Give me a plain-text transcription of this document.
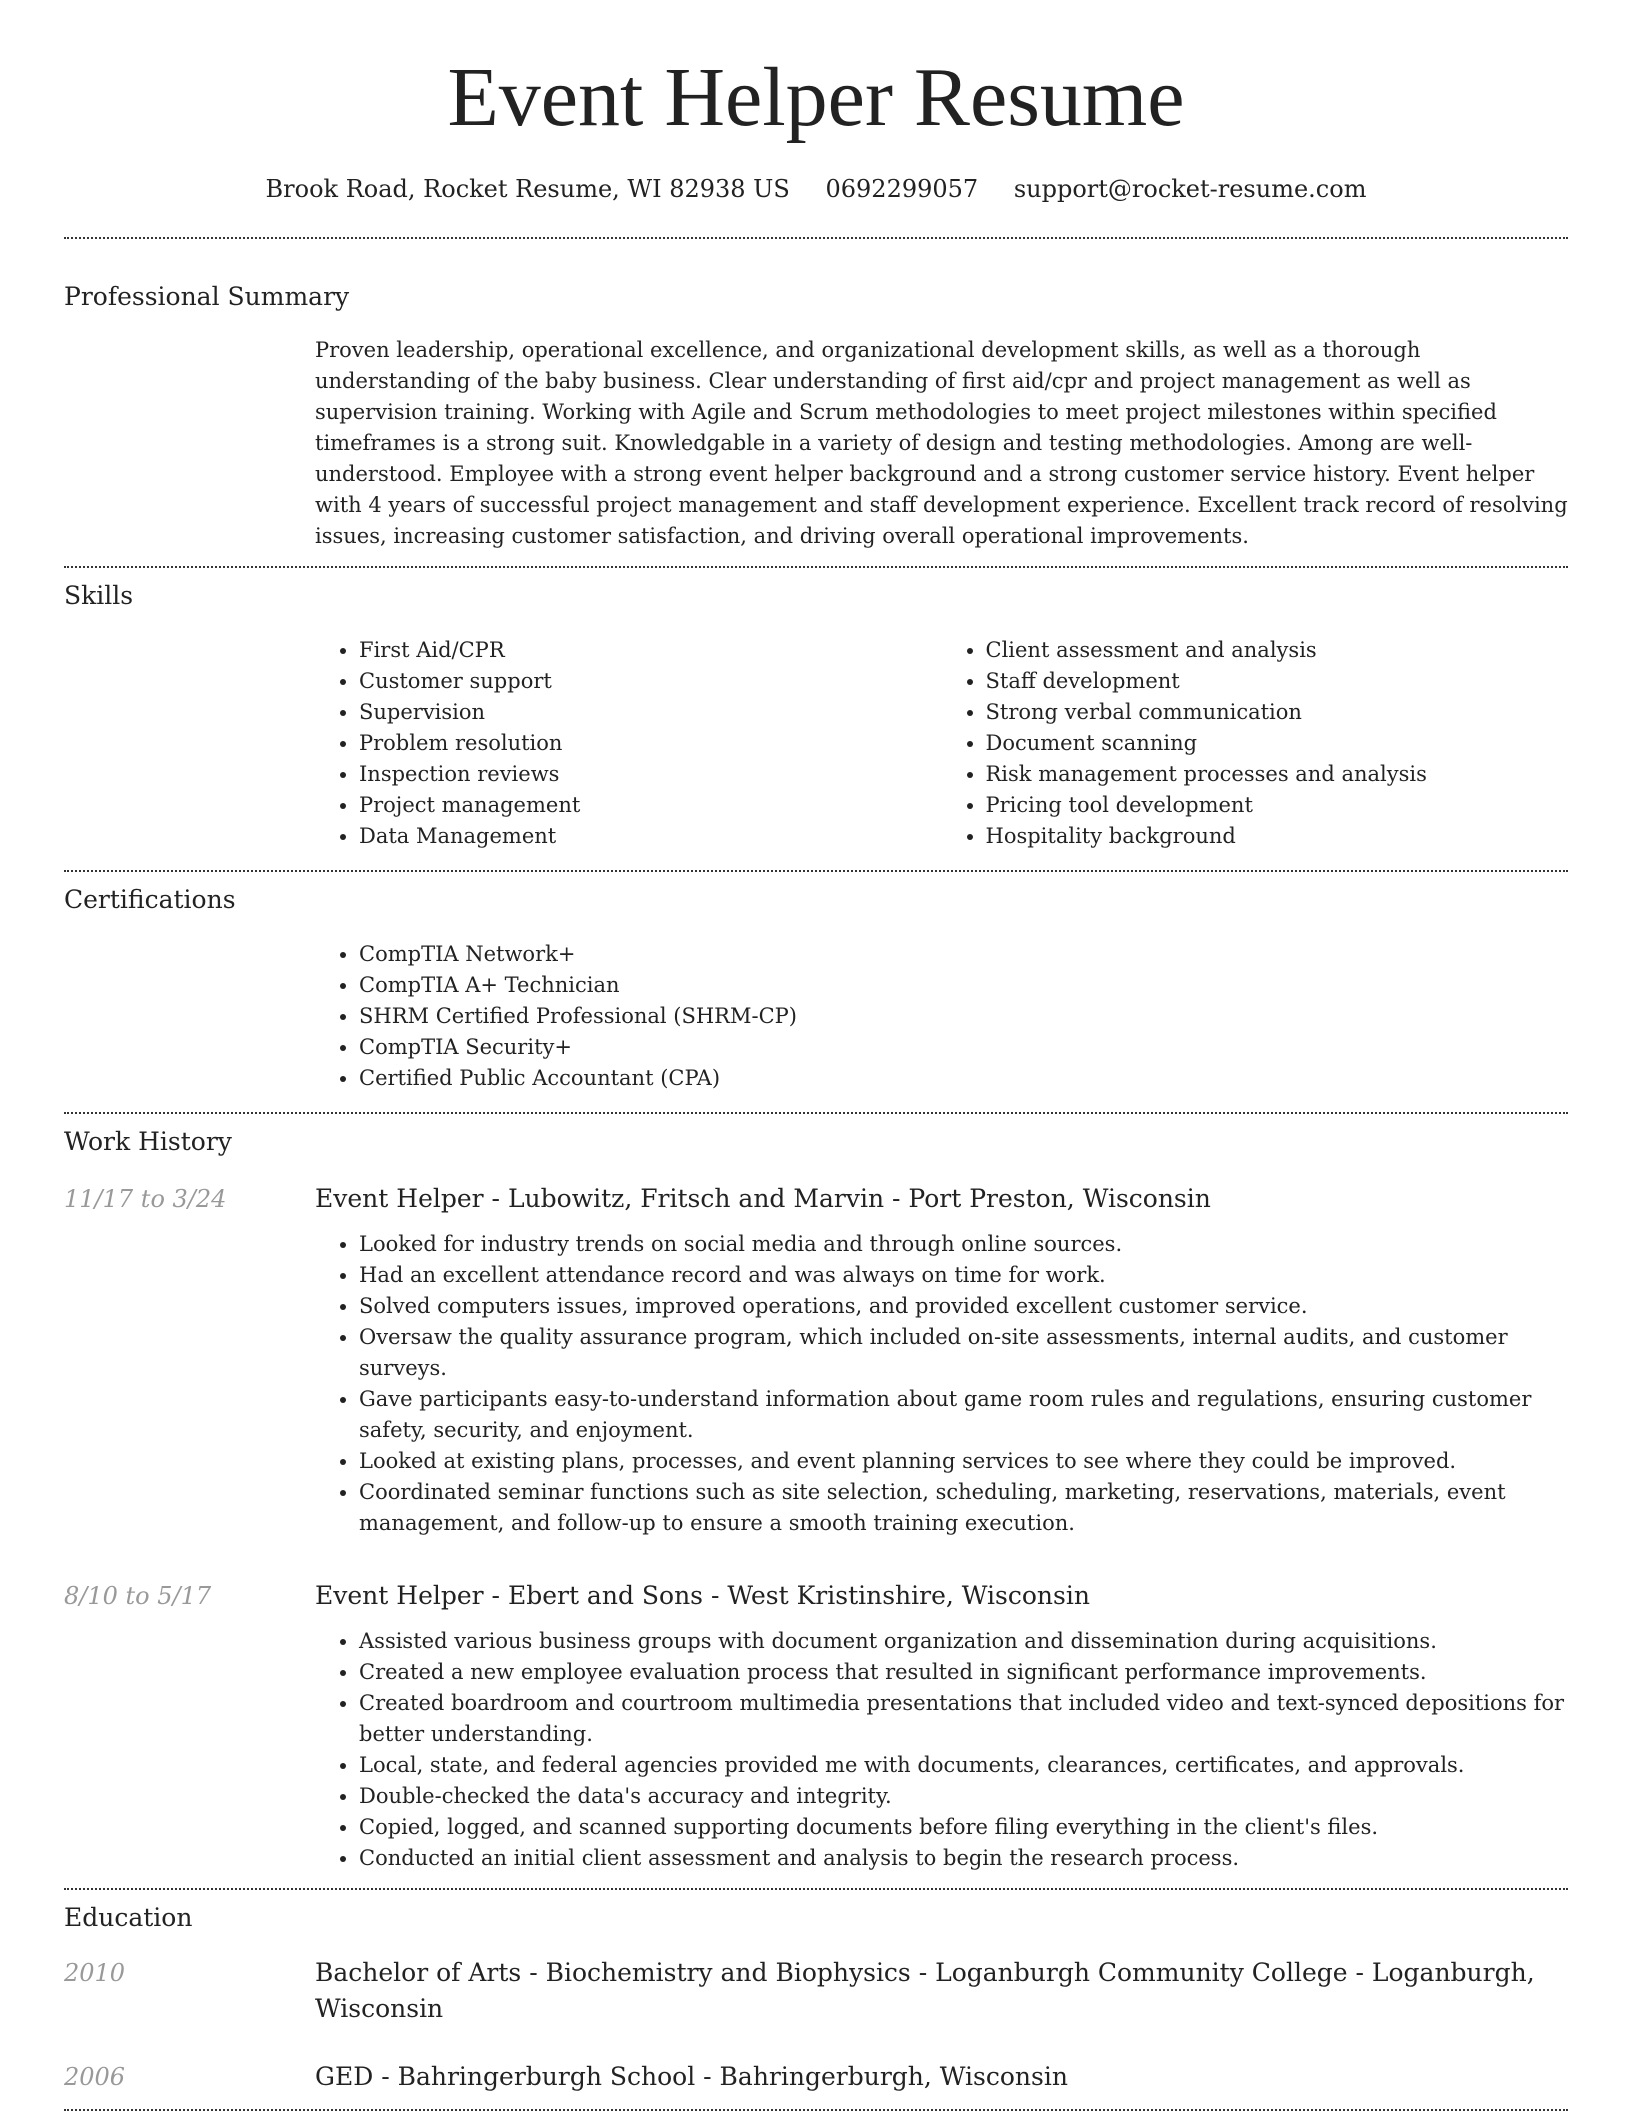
Event Helper Resume
Brook Road, Rocket Resume, WI 82938 US 0692299057 support@rocket-resume.com
Professional Summary
Proven leadership, operational excellence, and organizational development skills, as well as a thorough understanding of the baby business. Clear understanding of first aid/cpr and project management as well as supervision training. Working with Agile and Scrum methodologies to meet project milestones within specified timeframes is a strong suit. Knowledgable in a variety of design and testing methodologies. Among are well-understood. Employee with a strong event helper background and a strong customer service history. Event helper with 4 years of successful project management and staff development experience. Excellent track record of resolving issues, increasing customer satisfaction, and driving overall operational improvements.
Skills
• First Aid/CPR
• Customer support
• Supervision
• Problem resolution
• Inspection reviews
• Project management
• Data Management
• Client assessment and analysis
• Staff development
• Strong verbal communication
• Document scanning
• Risk management processes and analysis
• Pricing tool development
• Hospitality background
Certifications
• CompTIA Network+
• CompTIA A+ Technician
• SHRM Certified Professional (SHRM-CP)
• CompTIA Security+
• Certified Public Accountant (CPA)
Work History
11/17 to 3/24	Event Helper - Lubowitz, Fritsch and Marvin - Port Preston, Wisconsin
• Looked for industry trends on social media and through online sources.
• Had an excellent attendance record and was always on time for work.
• Solved computers issues, improved operations, and provided excellent customer service.
• Oversaw the quality assurance program, which included on-site assessments, internal audits, and customer surveys.
• Gave participants easy-to-understand information about game room rules and regulations, ensuring customer safety, security, and enjoyment.
• Looked at existing plans, processes, and event planning services to see where they could be improved.
• Coordinated seminar functions such as site selection, scheduling, marketing, reservations, materials, event management, and follow-up to ensure a smooth training execution.
8/10 to 5/17	Event Helper - Ebert and Sons - West Kristinshire, Wisconsin
• Assisted various business groups with document organization and dissemination during acquisitions.
• Created a new employee evaluation process that resulted in significant performance improvements.
• Created boardroom and courtroom multimedia presentations that included video and text-synced depositions for better understanding.
• Local, state, and federal agencies provided me with documents, clearances, certificates, and approvals.
• Double-checked the data's accuracy and integrity.
• Copied, logged, and scanned supporting documents before filing everything in the client's files.
• Conducted an initial client assessment and analysis to begin the research process.
Education
2010	Bachelor of Arts - Biochemistry and Biophysics - Loganburgh Community College - Loganburgh, Wisconsin
2006	GED - Bahringerburgh School - Bahringerburgh, Wisconsin
